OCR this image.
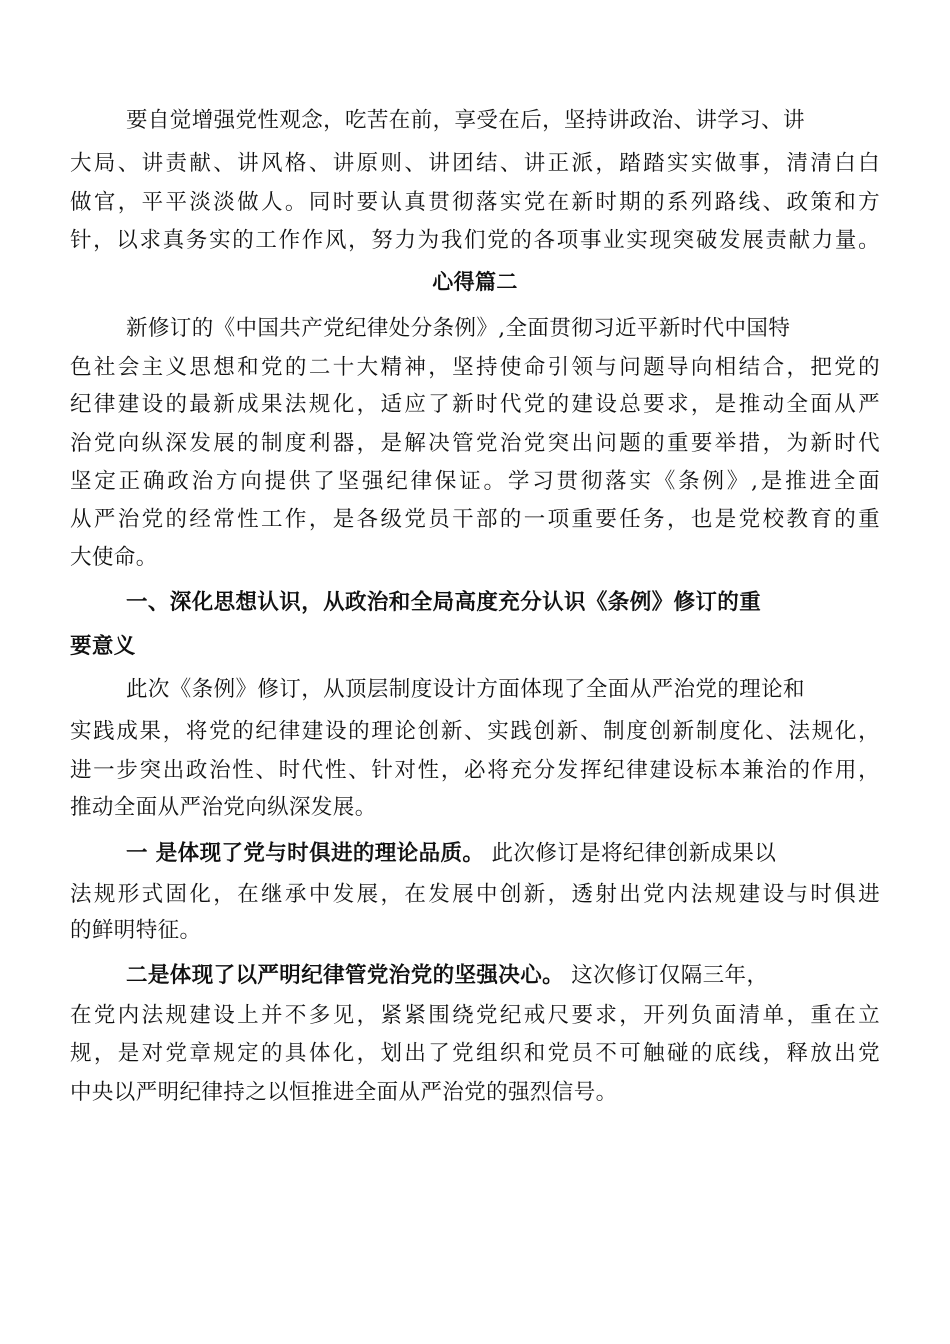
要自觉增强党性观念，吃苦在前，享受在后，坚持讲政治、讲学习、讲
大局、讲责献、讲风格、讲原则、讲团结、讲正派，踏踏实实做事，清清白白
做官，平平淡淡做人。同时要认真贯彻落实党在新时期的系列路线、政策和方
针，以求真务实的工作作风，努力为我们党的各项事业实现突破发展责献力量。
心得篇二
新修订的《中国共产党纪律处分条例》,全面贯彻习近平新时代中国特
色社会主义思想和党的二十大精神，坚持使命引领与问题导向相结合，把党的
纪律建设的最新成果法规化，适应了新时代党的建设总要求，是推动全面从严
治党向纵深发展的制度利器，是解决管党治党突出问题的重要举措，为新时代
坚定正确政治方向提供了坚强纪律保证。学习贯彻落实《条例》,是推进全面
从严治党的经常性工作，是各级党员干部的一项重要任务，也是党校教育的重
大使命。
一、深化思想认识，从政治和全局高度充分认识《条例》修订的重
要意义
此次《条例》修订，从顶层制度设计方面体现了全面从严治党的理论和
实践成果，将党的纪律建设的理论创新、实践创新、制度创新制度化、法规化，
进一步突出政治性、时代性、针对性，必将充分发挥纪律建设标本兼治的作用，
推动全面从严治党向纵深发展。
一 是体现了党与时俱进的理论品质。 此次修订是将纪律创新成果以
法规形式固化，在继承中发展，在发展中创新，透射出党内法规建设与时俱进
的鲜明特征。
二是体现了以严明纪律管党治党的坚强决心。 这次修订仅隔三年，
在党内法规建设上并不多见，紧紧围绕党纪戒尺要求，开列负面清单，重在立
规，是对党章规定的具体化，划出了党组织和党员不可触碰的底线，释放出党
中央以严明纪律持之以恒推进全面从严治党的强烈信号。
